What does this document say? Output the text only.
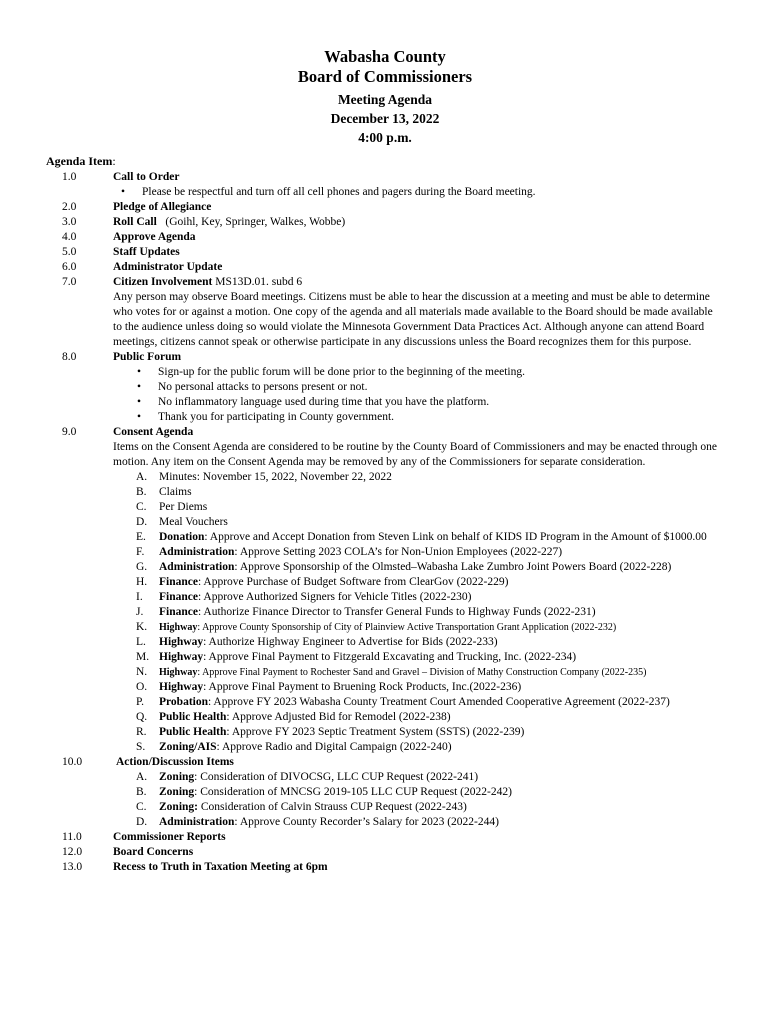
Wabasha County
Board of Commissioners
Meeting Agenda
December 13, 2022
4:00 p.m.
Agenda Item:
1.0	Call to Order
• Please be respectful and turn off all cell phones and pagers during the Board meeting.
2.0	Pledge of Allegiance
3.0	Roll Call (Goihl, Key, Springer, Walkes, Wobbe)
4.0	Approve Agenda
5.0	Staff Updates
6.0	Administrator Update
7.0	Citizen Involvement MS13D.01. subd 6
Any person may observe Board meetings. Citizens must be able to hear the discussion at a meeting and must be able to determine who votes for or against a motion. One copy of the agenda and all materials made available to the Board should be made available to the audience unless doing so would violate the Minnesota Government Data Practices Act. Although anyone can attend Board meetings, citizens cannot speak or otherwise participate in any discussions unless the Board recognizes them for this purpose.
8.0	Public Forum
• Sign-up for the public forum will be done prior to the beginning of the meeting.
• No personal attacks to persons present or not.
• No inflammatory language used during time that you have the platform.
• Thank you for participating in County government.
9.0	Consent Agenda
Items on the Consent Agenda are considered to be routine by the County Board of Commissioners and may be enacted through one motion. Any item on the Consent Agenda may be removed by any of the Commissioners for separate consideration.
A.	Minutes: November 15, 2022, November 22, 2022
B.	Claims
C.	Per Diems
D.	Meal Vouchers
E.	Donation: Approve and Accept Donation from Steven Link on behalf of KIDS ID Program in the Amount of $1000.00
F.	Administration: Approve Setting 2023 COLA’s for Non-Union Employees (2022-227)
G.	Administration: Approve Sponsorship of the Olmsted–Wabasha Lake Zumbro Joint Powers Board (2022-228)
H.	Finance: Approve Purchase of Budget Software from ClearGov (2022-229)
I.	Finance: Approve Authorized Signers for Vehicle Titles (2022-230)
J.	Finance: Authorize Finance Director to Transfer General Funds to Highway Funds (2022-231)
K.	Highway: Approve County Sponsorship of City of Plainview Active Transportation Grant Application (2022-232)
L.	Highway: Authorize Highway Engineer to Advertise for Bids (2022-233)
M. Highway: Approve Final Payment to Fitzgerald Excavating and Trucking, Inc. (2022-234)
N.	Highway: Approve Final Payment to Rochester Sand and Gravel – Division of Mathy Construction Company (2022-235)
O.	Highway: Approve Final Payment to Bruening Rock Products, Inc.(2022-236)
P.	Probation: Approve FY 2023 Wabasha County Treatment Court Amended Cooperative Agreement (2022-237)
Q.	Public Health: Approve Adjusted Bid for Remodel (2022-238)
R.	Public Health: Approve FY 2023 Septic Treatment System (SSTS) (2022-239)
S.	Zoning/AIS: Approve Radio and Digital Campaign (2022-240)
10.0	Action/Discussion Items
A.	Zoning: Consideration of DIVOCSG, LLC CUP Request (2022-241)
B.	Zoning: Consideration of MNCSG 2019-105 LLC CUP Request (2022-242)
C.	Zoning: Consideration of Calvin Strauss CUP Request (2022-243)
D.	Administration: Approve County Recorder’s Salary for 2023 (2022-244)
11.0	Commissioner Reports
12.0	Board Concerns
13.0	Recess to Truth in Taxation Meeting at 6pm
